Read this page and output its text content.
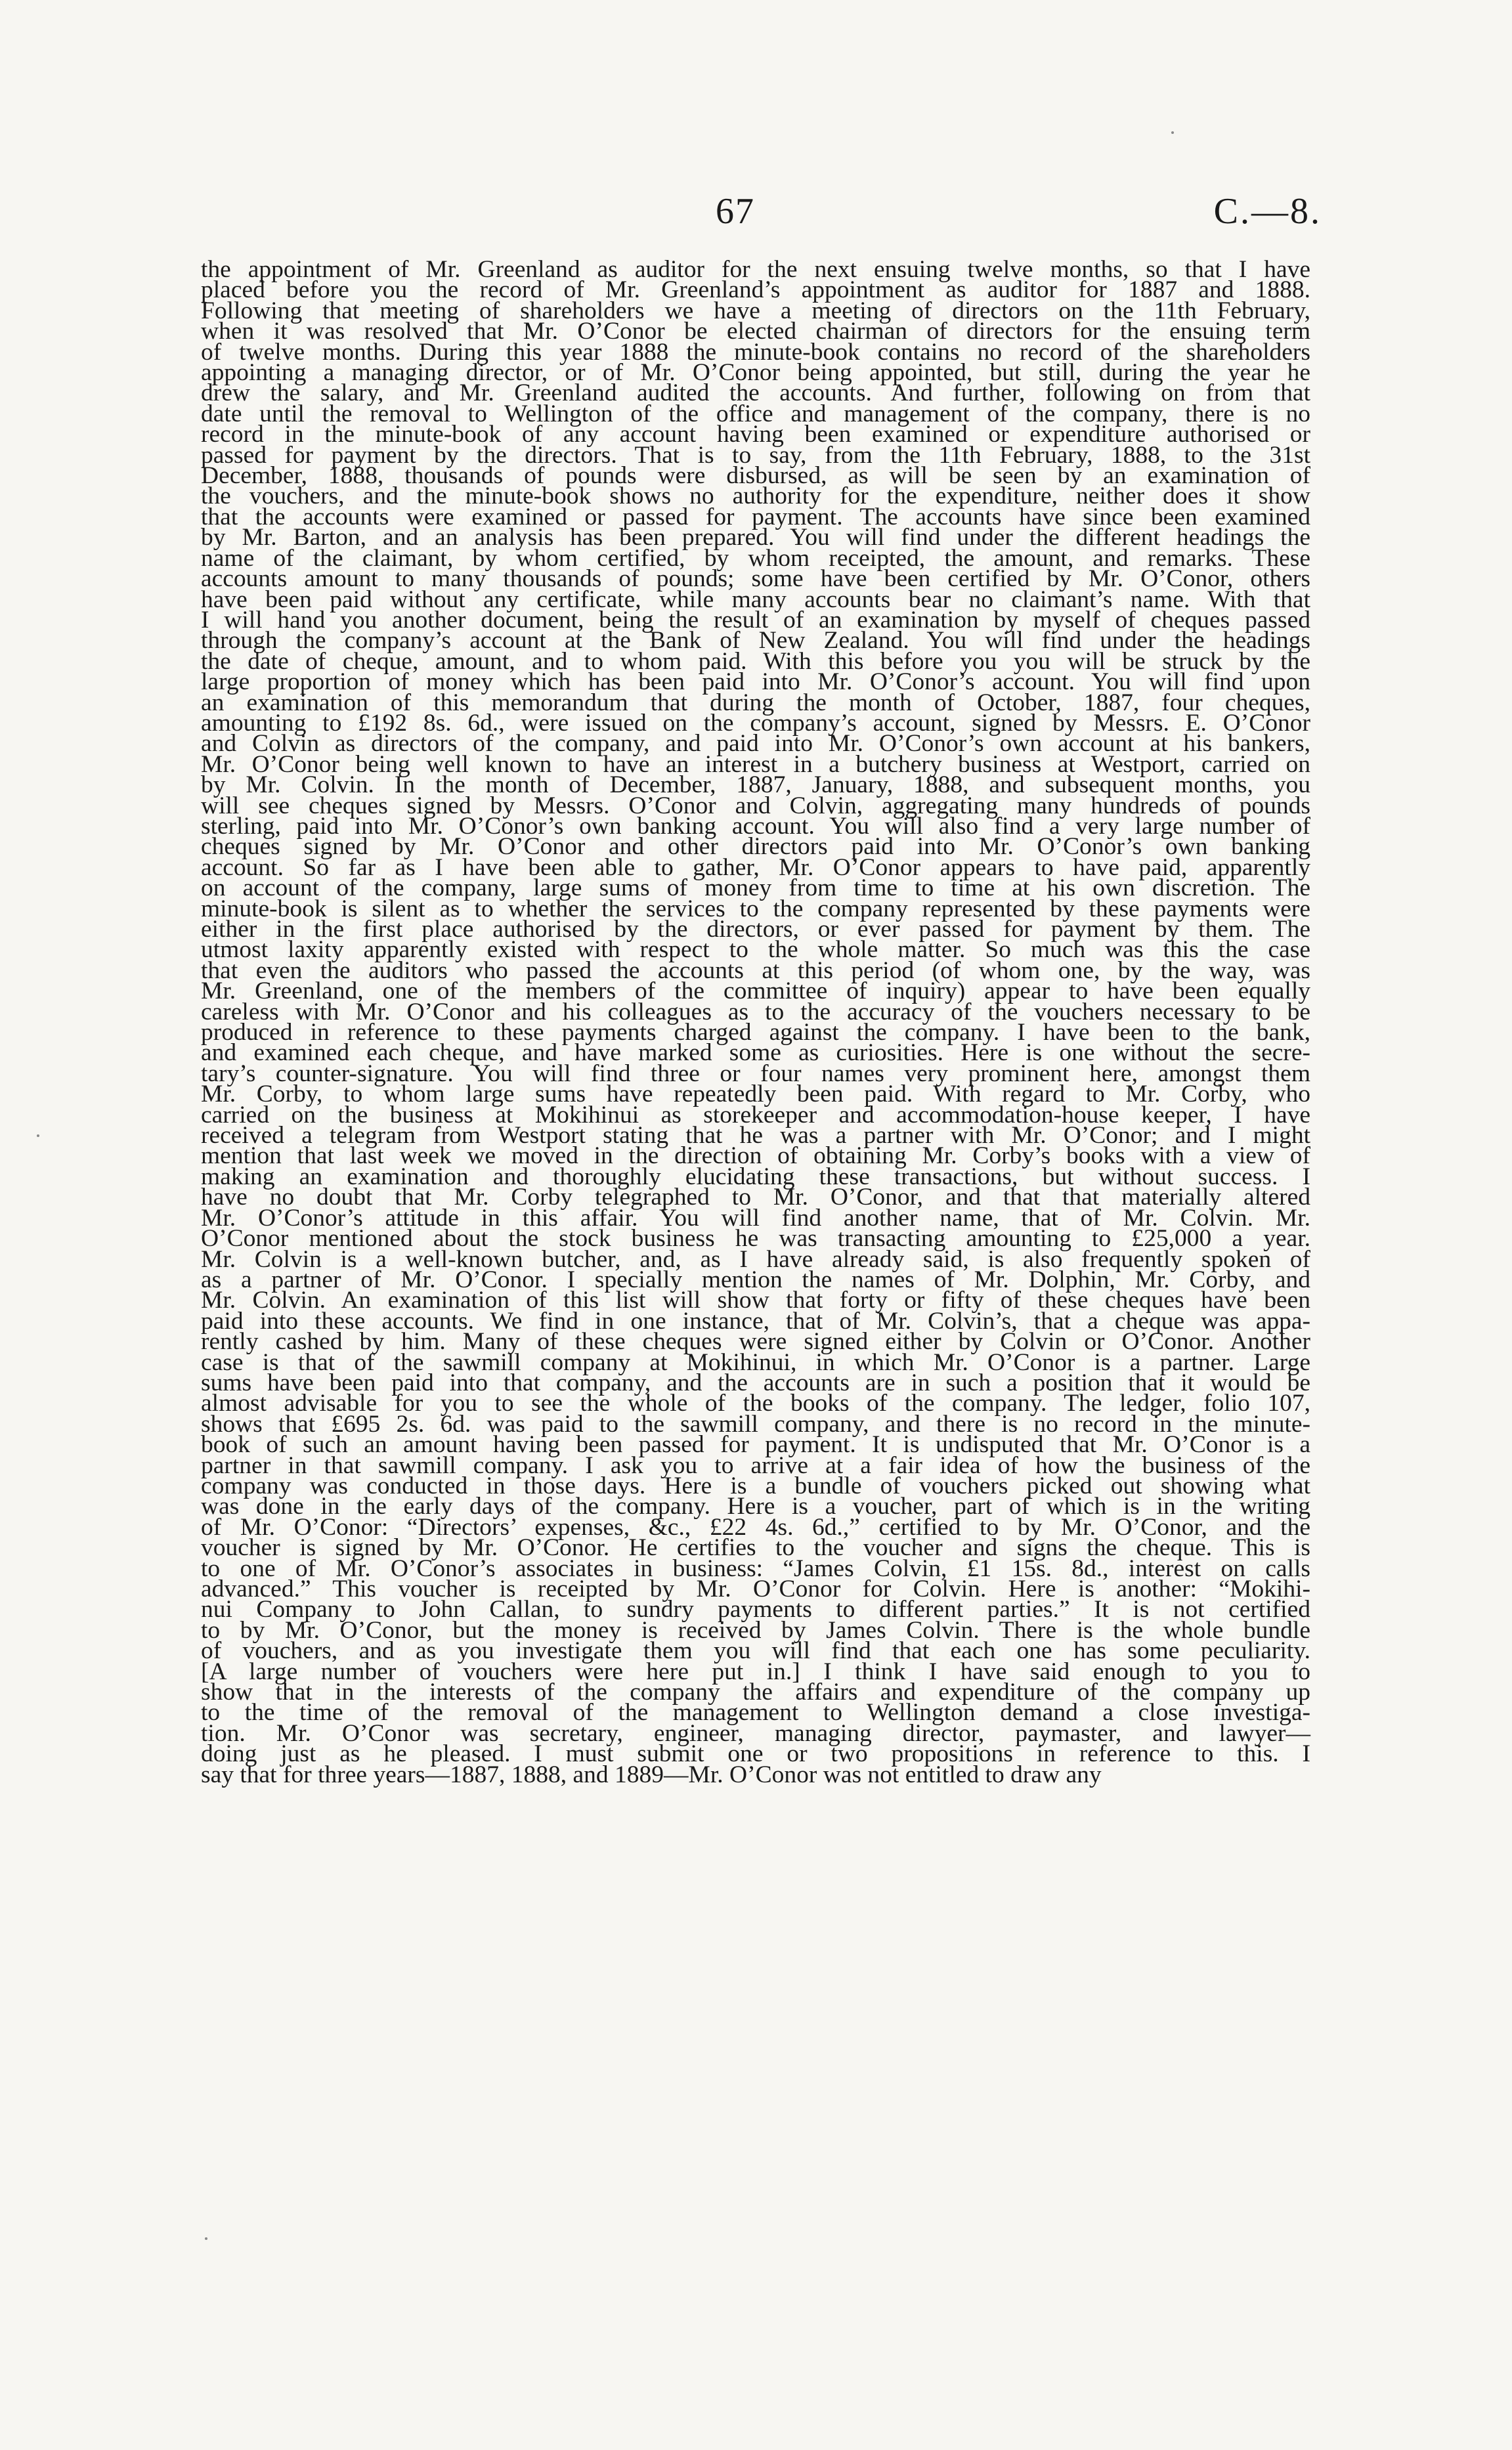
67	C.—8.
the appointment of Mr. Greenland as auditor for the next ensuing twelve months, so that I have
placed before you the record of Mr. Greenland’s appointment as auditor for 1887 and 1888.
Following that meeting of shareholders we have a meeting of directors on the 11th February,
when it was resolved that Mr. O’Conor be elected chairman of directors for the ensuing term
of twelve months. During this year 1888 the minute-book contains no record of the shareholders
appointing a managing director, or of Mr. O’Conor being appointed, but still, during the year he
drew the salary, and Mr. Greenland audited the accounts. And further, following on from that
date until the removal to Wellington of the office and management of the company, there is no
record in the minute-book of any account having been examined or expenditure authorised or
passed for payment by the directors. That is to say, from the 11th February, 1888, to the 31st
December, 1888, thousands of pounds were disbursed, as will be seen by an examination of
the vouchers, and the minute-book shows no authority for the expenditure, neither does it show
that the accounts were examined or passed for payment. The accounts have since been examined
by Mr. Barton, and an analysis has been prepared. You will find under the different headings the
name of the claimant, by whom certified, by whom receipted, the amount, and remarks. These
accounts amount to many thousands of pounds; some have been certified by Mr. O’Conor, others
have been paid without any certificate, while many accounts bear no claimant’s name. With that
I will hand you another document, being the result of an examination by myself of cheques passed
through the company’s account at the Bank of New Zealand. You will find under the headings
the date of cheque, amount, and to whom paid. With this before you you will be struck by the
large proportion of money which has been paid into Mr. O’Conor’s account. You will find upon
an examination of this memorandum that during the month of October, 1887, four cheques,
amounting to £192 8s. 6d., were issued on the company’s account, signed by Messrs. E. O’Conor
and Colvin as directors of the company, and paid into Mr. O’Conor’s own account at his bankers,
Mr. O’Conor being well known to have an interest in a butchery business at Westport, carried on
by Mr. Colvin. In the month of December, 1887, January, 1888, and subsequent months, you
will see cheques signed by Messrs. O’Conor and Colvin, aggregating many hundreds of pounds
sterling, paid into Mr. O’Conor’s own banking account. You will also find a very large number of
cheques signed by Mr. O’Conor and other directors paid into Mr. O’Conor’s own banking
account. So far as I have been able to gather, Mr. O’Conor appears to have paid, apparently
on account of the company, large sums of money from time to time at his own discretion. The
minute-book is silent as to whether the services to the company represented by these payments were
either in the first place authorised by the directors, or ever passed for payment by them. The
utmost laxity apparently existed with respect to the whole matter. So much was this the case
that even the auditors who passed the accounts at this period (of whom one, by the way, was
Mr. Greenland, one of the members of the committee of inquiry) appear to have been equally
careless with Mr. O’Conor and his colleagues as to the accuracy of the vouchers necessary to be
produced in reference to these payments charged against the company. I have been to the bank,
and examined each cheque, and have marked some as curiosities. Here is one without the secre-
tary’s counter-signature. You will find three or four names very prominent here, amongst them
Mr. Corby, to whom large sums have repeatedly been paid. With regard to Mr. Corby, who
carried on the business at Mokihinui as storekeeper and accommodation-house keeper, I have
received a telegram from Westport stating that he was a partner with Mr. O’Conor; and I might
mention that last week we moved in the direction of obtaining Mr. Corby’s books with a view of
making an examination and thoroughly elucidating these transactions, but without success. I
have no doubt that Mr. Corby telegraphed to Mr. O’Conor, and that that materially altered
Mr. O’Conor’s attitude in this affair. You will find another name, that of Mr. Colvin. Mr.
O’Conor mentioned about the stock business he was transacting amounting to £25,000 a year.
Mr. Colvin is a well-known butcher, and, as I have already said, is also frequently spoken of
as a partner of Mr. O’Conor. I specially mention the names of Mr. Dolphin, Mr. Corby, and
Mr. Colvin. An examination of this list will show that forty or fifty of these cheques have been
paid into these accounts. We find in one instance, that of Mr. Colvin’s, that a cheque was appa-
rently cashed by him. Many of these cheques were signed either by Colvin or O’Conor. Another
case is that of the sawmill company at Mokihinui, in which Mr. O’Conor is a partner. Large
sums have been paid into that company, and the accounts are in such a position that it would be
almost advisable for you to see the whole of the books of the company. The ledger, folio 107,
shows that £695 2s. 6d. was paid to the sawmill company, and there is no record in the minute-
book of such an amount having been passed for payment. It is undisputed that Mr. O’Conor is a
partner in that sawmill company. I ask you to arrive at a fair idea of how the business of the
company was conducted in those days. Here is a bundle of vouchers picked out showing what
was done in the early days of the company. Here is a voucher, part of which is in the writing
of Mr. O’Conor: “Directors’ expenses, &c., £22 4s. 6d.,” certified to by Mr. O’Conor, and the
voucher is signed by Mr. O’Conor. He certifies to the voucher and signs the cheque. This is
to one of Mr. O’Conor’s associates in business: “James Colvin, £1 15s. 8d., interest on calls
advanced.” This voucher is receipted by Mr. O’Conor for Colvin. Here is another: “Mokihi-
nui Company to John Callan, to sundry payments to different parties.” It is not certified
to by Mr. O’Conor, but the money is received by James Colvin. There is the whole bundle
of vouchers, and as you investigate them you will find that each one has some peculiarity.
[A large number of vouchers were here put in.] I think I have said enough to you to
show that in the interests of the company the affairs and expenditure of the company up
to the time of the removal of the management to Wellington demand a close investiga-
tion. Mr. O’Conor was secretary, engineer, managing director, paymaster, and lawyer—
doing just as he pleased. I must submit one or two propositions in reference to this. I
say that for three years—1887, 1888, and 1889—Mr. O’Conor was not entitled to draw any
